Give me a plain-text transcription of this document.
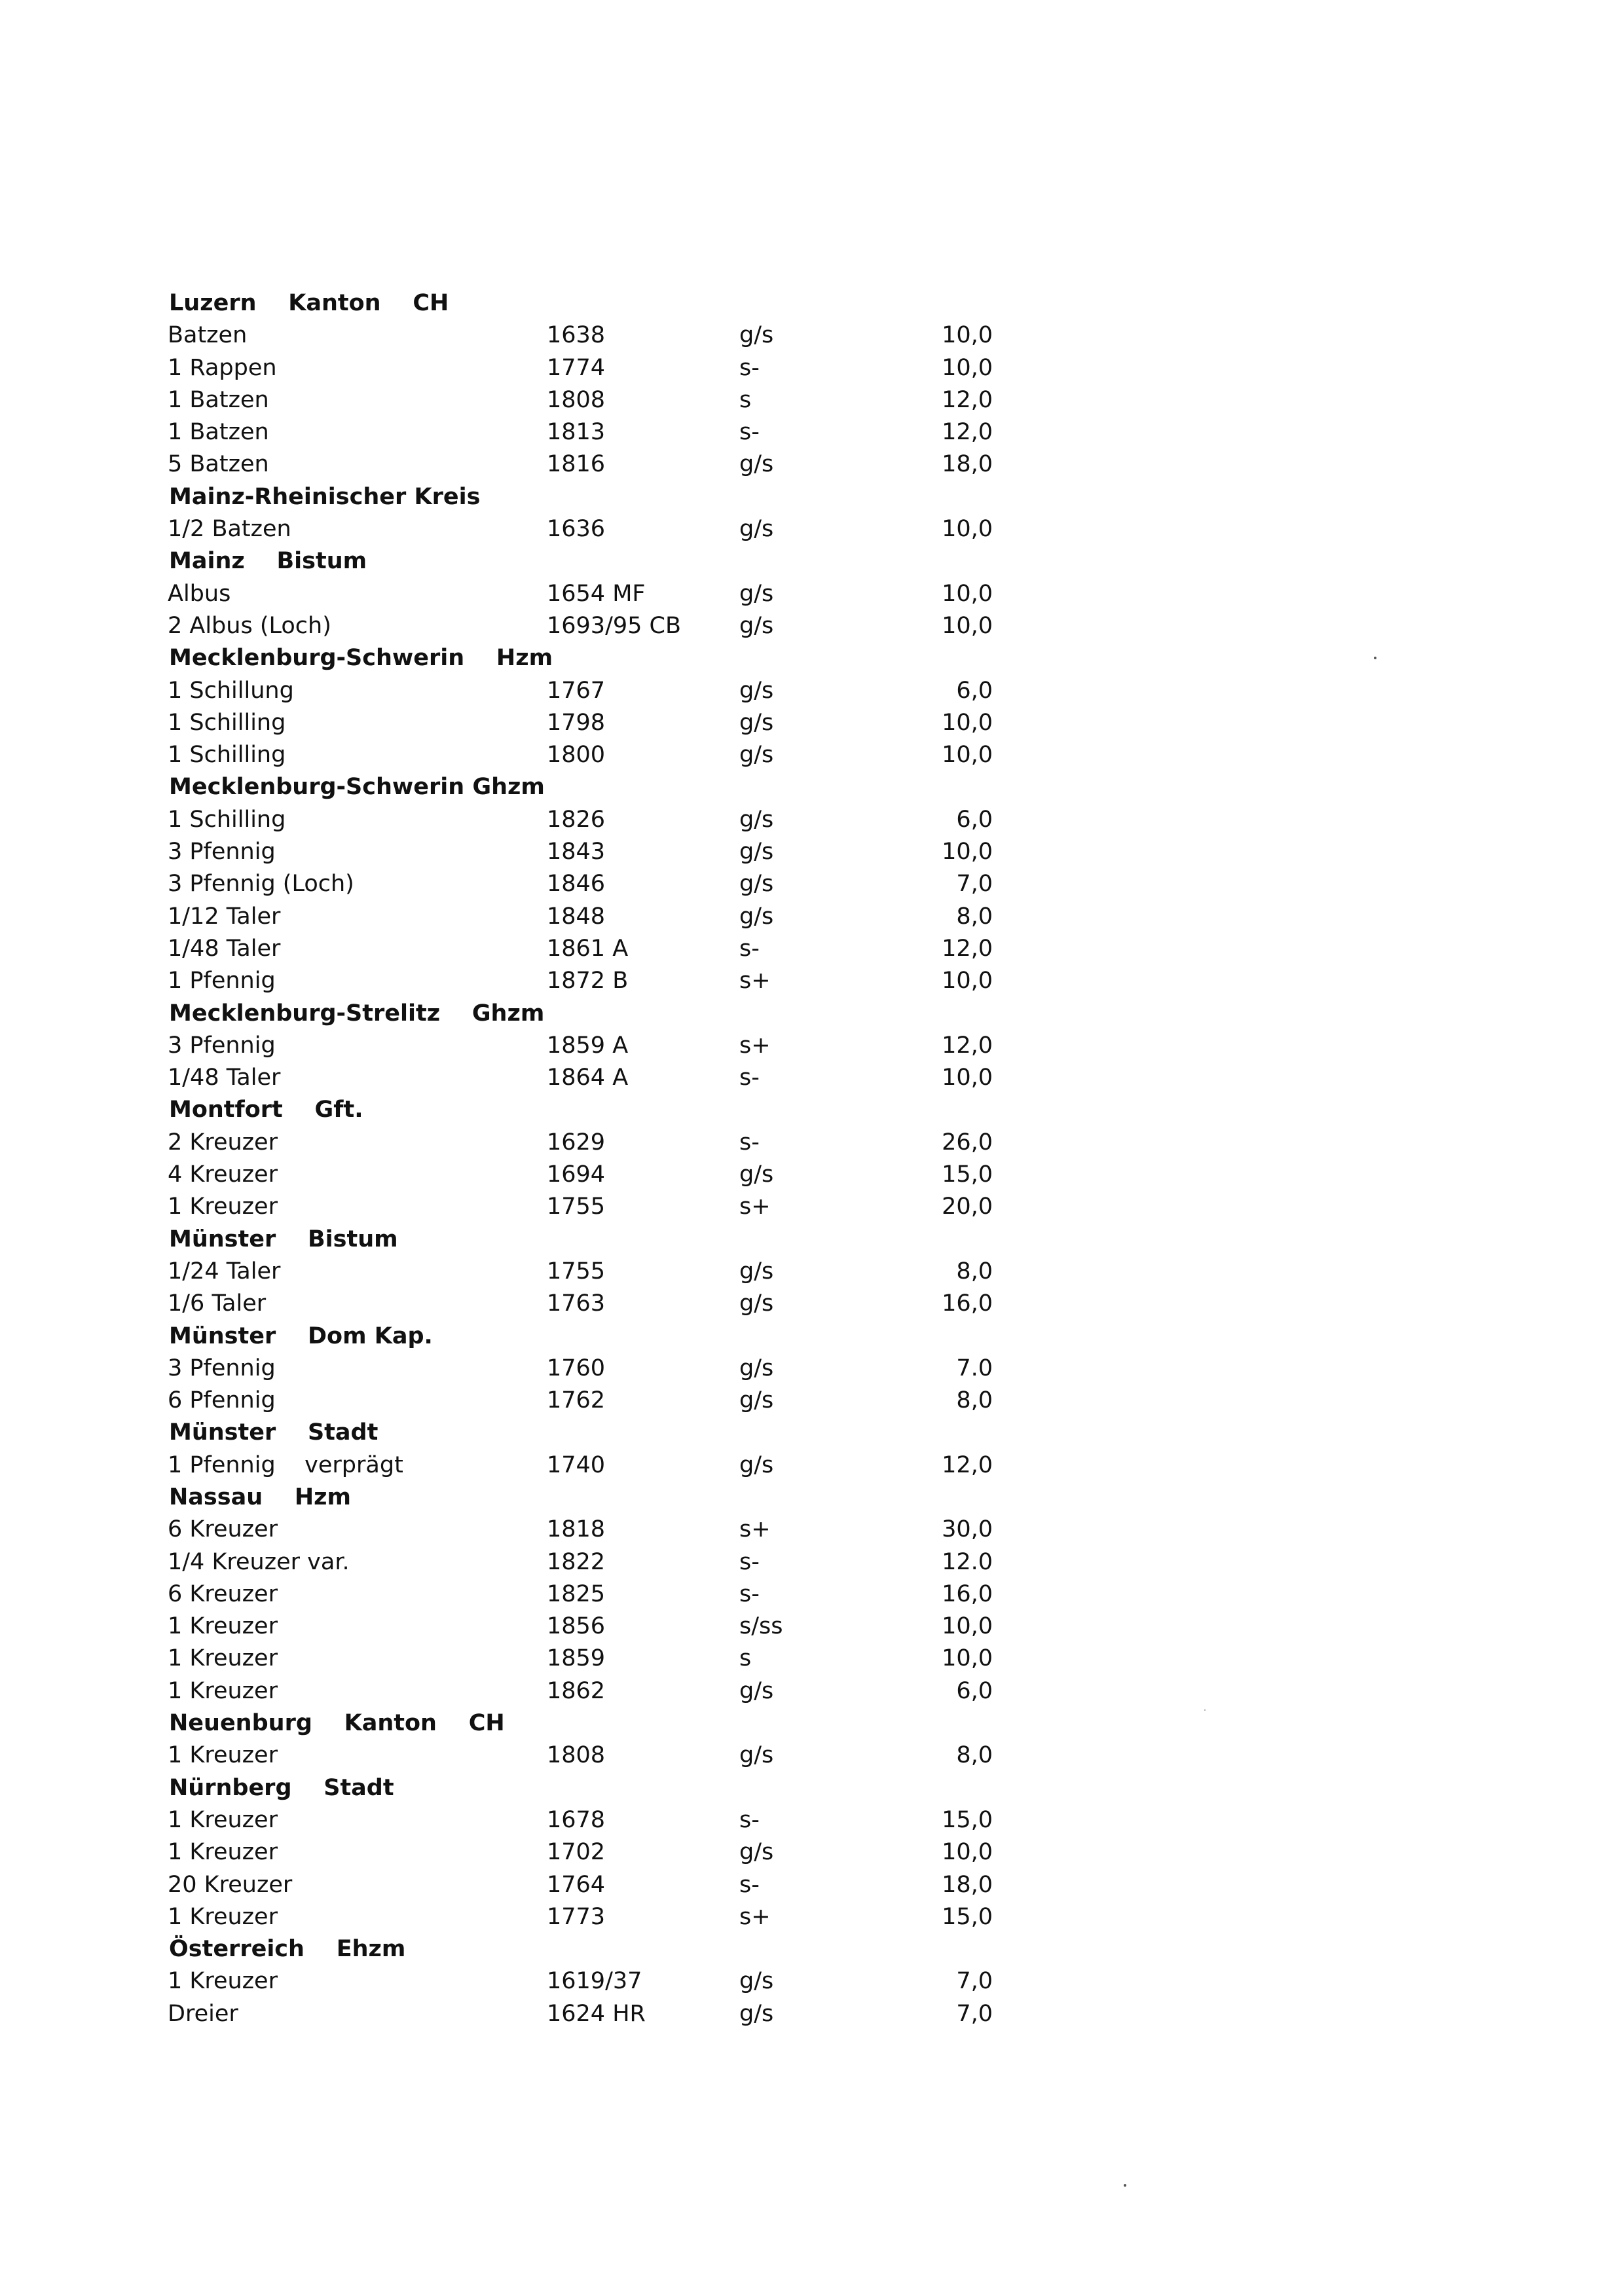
Luzern    Kanton    CH
Batzen	1638	g/s	10,0
1 Rappen	1774	s-	10,0
1 Batzen	1808	s	12,0
1 Batzen	1813	s-	12,0
5 Batzen	1816	g/s	18,0
Mainz-Rheinischer Kreis
1/2 Batzen	1636	g/s	10,0
Mainz    Bistum
Albus	1654 MF	g/s	10,0
2 Albus (Loch)	1693/95 CB	g/s	10,0
Mecklenburg-Schwerin    Hzm
1 Schillung	1767	g/s	6,0
1 Schilling	1798	g/s	10,0
1 Schilling	1800	g/s	10,0
Mecklenburg-Schwerin Ghzm
1 Schilling	1826	g/s	6,0
3 Pfennig	1843	g/s	10,0
3 Pfennig (Loch)	1846	g/s	7,0
1/12 Taler	1848	g/s	8,0
1/48 Taler	1861 A	s-	12,0
1 Pfennig	1872 B	s+	10,0
Mecklenburg-Strelitz    Ghzm
3 Pfennig	1859 A	s+	12,0
1/48 Taler	1864 A	s-	10,0
Montfort    Gft.
2 Kreuzer	1629	s-	26,0
4 Kreuzer	1694	g/s	15,0
1 Kreuzer	1755	s+	20,0
Münster    Bistum
1/24 Taler	1755	g/s	8,0
1/6 Taler	1763	g/s	16,0
Münster    Dom Kap.
3 Pfennig	1760	g/s	7.0
6 Pfennig	1762	g/s	8,0
Münster    Stadt
1 Pfennig    verprägt	1740	g/s	12,0
Nassau    Hzm
6 Kreuzer	1818	s+	30,0
1/4 Kreuzer var.	1822	s-	12.0
6 Kreuzer	1825	s-	16,0
1 Kreuzer	1856	s/ss	10,0
1 Kreuzer	1859	s	10,0
1 Kreuzer	1862	g/s	6,0
Neuenburg    Kanton    CH
1 Kreuzer	1808	g/s	8,0
Nürnberg    Stadt
1 Kreuzer	1678	s-	15,0
1 Kreuzer	1702	g/s	10,0
20 Kreuzer	1764	s-	18,0
1 Kreuzer	1773	s+	15,0
Österreich    Ehzm
1 Kreuzer	1619/37	g/s	7,0
Dreier	1624 HR	g/s	7,0
